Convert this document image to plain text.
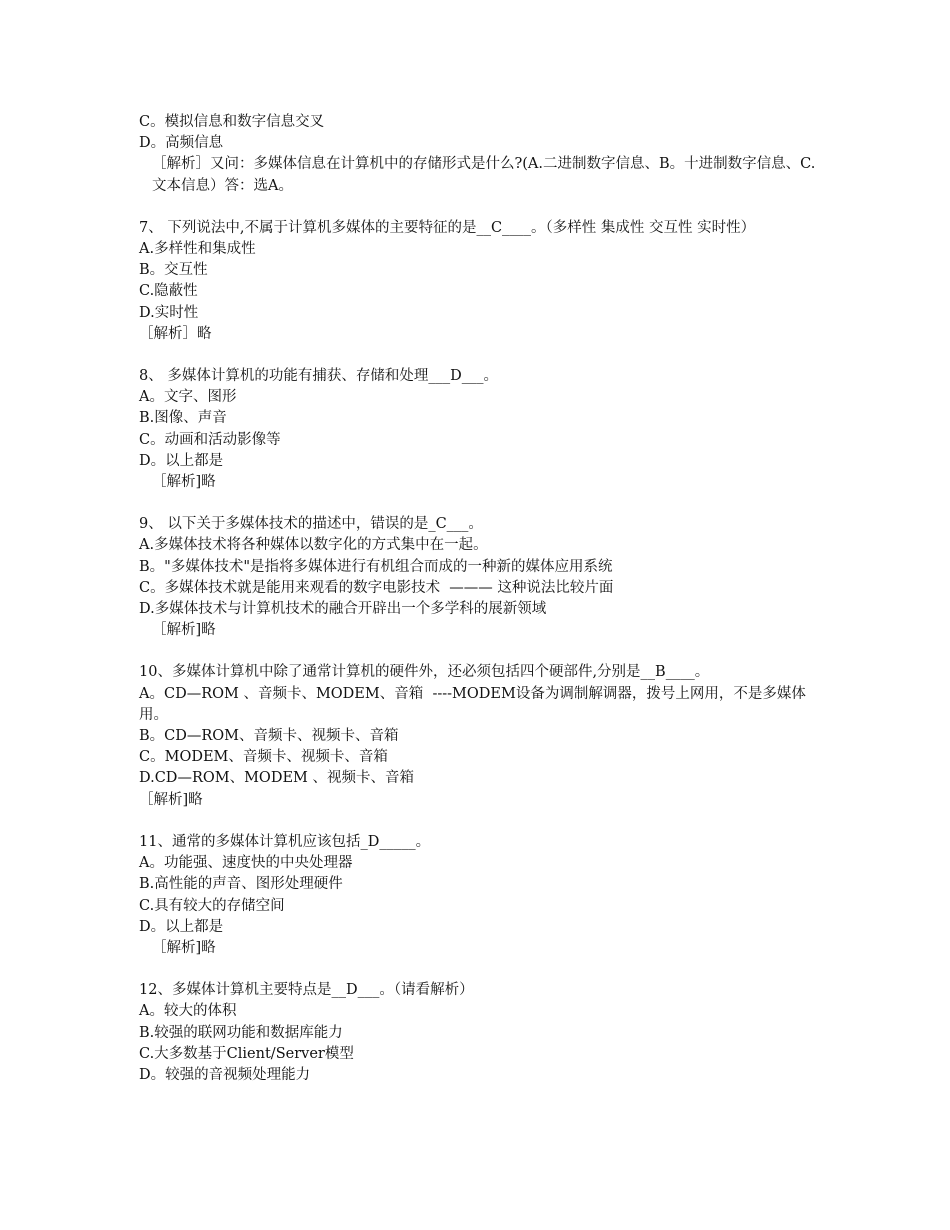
C。模拟信息和数字信息交叉

D。高频信息

［解析］又问：多媒体信息在计算机中的存储形式是什么?(A.二进制数字信息、B。十进制数字信息、C.文本信息）答：选A。

7、 下列说法中,不属于计算机多媒体的主要特征的是__C____。（多样性 集成性 交互性 实时性）

A.多样性和集成性

B。交互性

C.隐蔽性

D.实时性

［解析］略

8、 多媒体计算机的功能有捕获、存储和处理___D___。

A。文字、图形

B.图像、声音

C。动画和活动影像等

D。以上都是

［解析]略

9、 以下关于多媒体技术的描述中，错误的是_C___。

A.多媒体技术将各种媒体以数字化的方式集中在一起。

B。"多媒体技术"是指将多媒体进行有机组合而成的一种新的媒体应用系统

C。多媒体技术就是能用来观看的数字电影技术  ——— 这种说法比较片面

D.多媒体技术与计算机技术的融合开辟出一个多学科的展新领域

［解析]略

10、 多媒体计算机中除了通常计算机的硬件外，还必须包括四个硬部件,分别是__B____。

A。CD—ROM 、音频卡、MODEM、音箱  ----MODEM设备为调制解调器，拨号上网用，不是多媒体用。

B。CD—ROM、音频卡、视频卡、音箱

C。MODEM、音频卡、视频卡、音箱

D.CD—ROM、MODEM 、视频卡、音箱

［解析]略

11、 通常的多媒体计算机应该包括_D_____。

A。功能强、速度快的中央处理器

B.高性能的声音、图形处理硬件

C.具有较大的存储空间

D。以上都是

［解析]略

12、 多媒体计算机主要特点是__D___。（请看解析）

A。较大的体积

B.较强的联网功能和数据库能力

C.大多数基于Client/Server模型

D。较强的音视频处理能力
